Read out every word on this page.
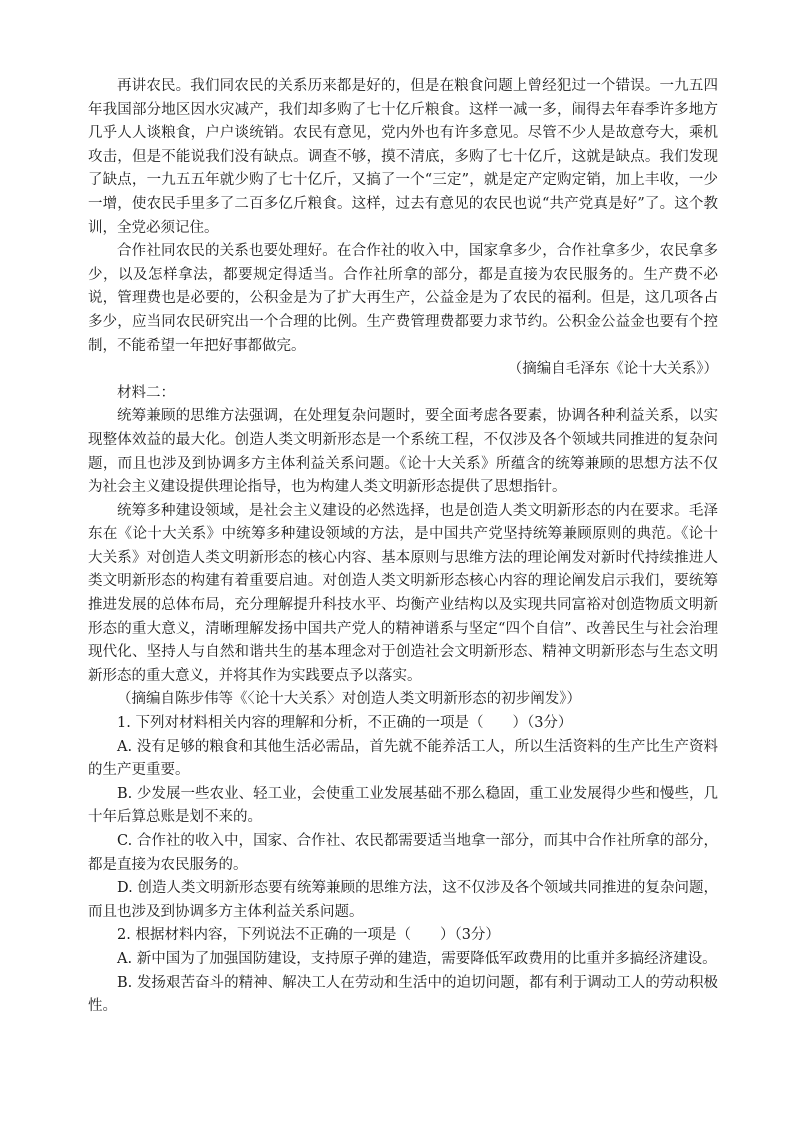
再讲农民。我们同农民的关系历来都是好的，但是在粮食问题上曾经犯过一个错误。一九五四年我国部分地区因水灾减产，我们却多购了七十亿斤粮食。这样一减一多，闹得去年春季许多地方几乎人人谈粮食，户户谈统销。农民有意见，党内外也有许多意见。尽管不少人是故意夸大，乘机攻击，但是不能说我们没有缺点。调查不够，摸不清底，多购了七十亿斤，这就是缺点。我们发现了缺点，一九五五年就少购了七十亿斤，又搞了一个“三定”，就是定产定购定销，加上丰收，一少一增，使农民手里多了二百多亿斤粮食。这样，过去有意见的农民也说“共产党真是好”了。这个教训，全党必须记住。

合作社同农民的关系也要处理好。在合作社的收入中，国家拿多少，合作社拿多少，农民拿多少，以及怎样拿法，都要规定得适当。合作社所拿的部分，都是直接为农民服务的。生产费不必说，管理费也是必要的，公积金是为了扩大再生产，公益金是为了农民的福利。但是，这几项各占多少，应当同农民研究出一个合理的比例。生产费管理费都要力求节约。公积金公益金也要有个控制，不能希望一年把好事都做完。

（摘编自毛泽东《论十大关系》）

材料二：

统筹兼顾的思维方法强调，在处理复杂问题时，要全面考虑各要素，协调各种利益关系，以实现整体效益的最大化。创造人类文明新形态是一个系统工程，不仅涉及各个领域共同推进的复杂问题，而且也涉及到协调多方主体利益关系问题。《论十大关系》所蕴含的统筹兼顾的思想方法不仅为社会主义建设提供理论指导，也为构建人类文明新形态提供了思想指针。

统筹多种建设领域，是社会主义建设的必然选择，也是创造人类文明新形态的内在要求。毛泽东在《论十大关系》中统筹多种建设领域的方法，是中国共产党坚持统筹兼顾原则的典范。《论十大关系》对创造人类文明新形态的核心内容、基本原则与思维方法的理论阐发对新时代持续推进人类文明新形态的构建有着重要启迪。对创造人类文明新形态核心内容的理论阐发启示我们，要统筹推进发展的总体布局，充分理解提升科技水平、均衡产业结构以及实现共同富裕对创造物质文明新形态的重大意义，清晰理解发扬中国共产党人的精神谱系与坚定“四个自信”、改善民生与社会治理现代化、坚持人与自然和谐共生的基本理念对于创造社会文明新形态、精神文明新形态与生态文明新形态的重大意义，并将其作为实践要点予以落实。

（摘编自陈步伟等《〈论十大关系〉对创造人类文明新形态的初步阐发》）

1. 下列对材料相关内容的理解和分析，不正确的一项是（　　）（3分）

A. 没有足够的粮食和其他生活必需品，首先就不能养活工人，所以生活资料的生产比生产资料的生产更重要。

B. 少发展一些农业、轻工业，会使重工业发展基础不那么稳固，重工业发展得少些和慢些，几十年后算总账是划不来的。

C. 合作社的收入中，国家、合作社、农民都需要适当地拿一部分，而其中合作社所拿的部分，都是直接为农民服务的。

D. 创造人类文明新形态要有统筹兼顾的思维方法，这不仅涉及各个领域共同推进的复杂问题，而且也涉及到协调多方主体利益关系问题。

2. 根据材料内容，下列说法不正确的一项是（　　）（3分）

A. 新中国为了加强国防建设，支持原子弹的建造，需要降低军政费用的比重并多搞经济建设。

B. 发扬艰苦奋斗的精神、解决工人在劳动和生活中的迫切问题，都有利于调动工人的劳动积极性。
